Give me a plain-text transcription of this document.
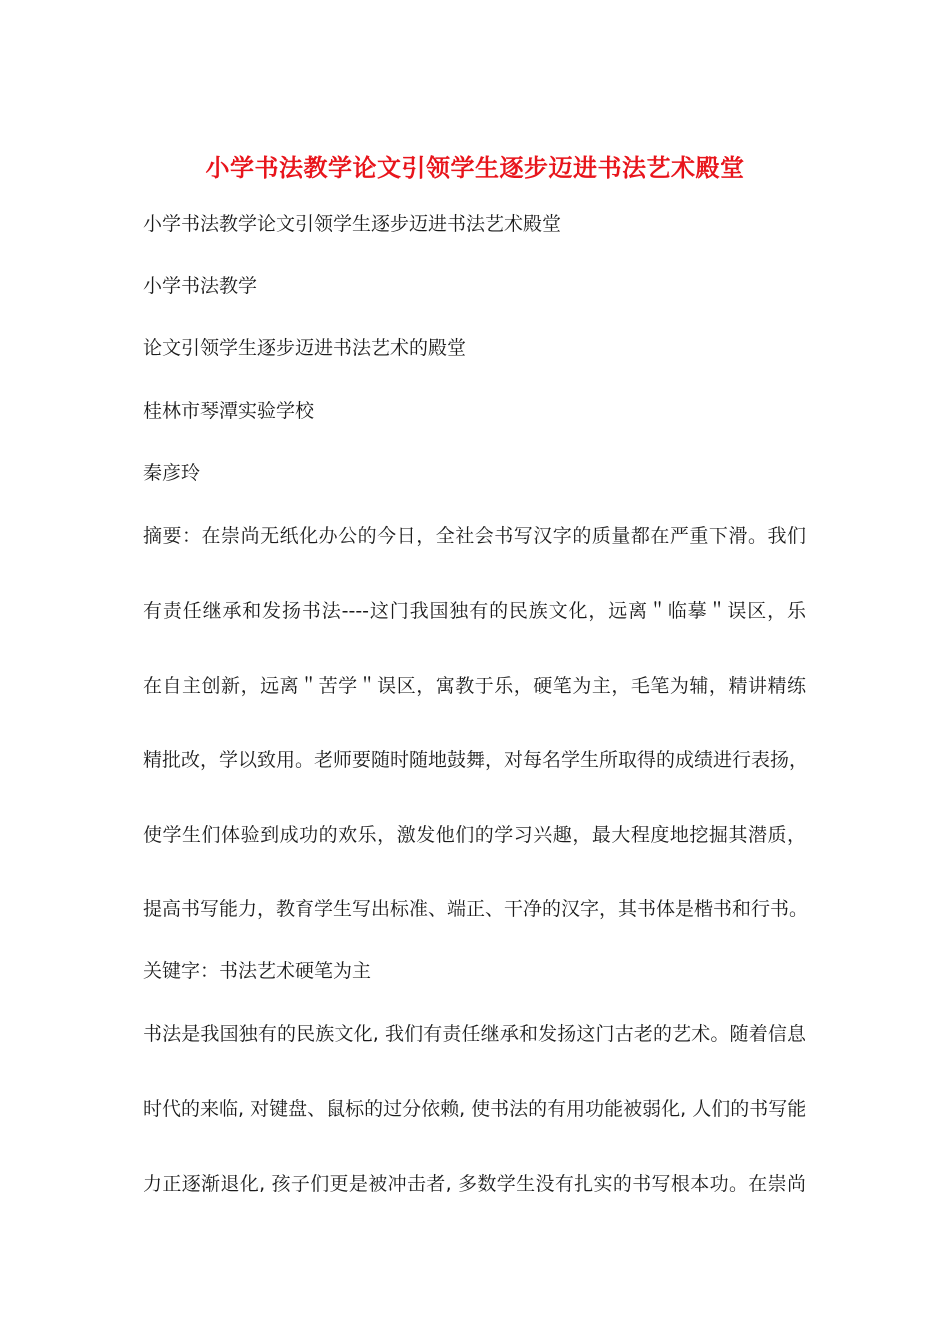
小学书法教学论文引领学生逐步迈进书法艺术殿堂
小学书法教学论文引领学生逐步迈进书法艺术殿堂
小学书法教学
论文引领学生逐步迈进书法艺术的殿堂
桂林市琴潭实验学校
秦彦玲
摘要：在崇尚无纸化办公的今日，全社会书写汉字的质量都在严重下滑。我们
有责任继承和发扬书法----这门我国独有的民族文化，远离＂临摹＂误区，乐
在自主创新，远离＂苦学＂误区，寓教于乐，硬笔为主，毛笔为辅，精讲精练
精批改，学以致用。老师要随时随地鼓舞，对每名学生所取得的成绩进行表扬，
使学生们体验到成功的欢乐，激发他们的学习兴趣，最大程度地挖掘其潜质，
提高书写能力，教育学生写出标准、端正、干净的汉字，其书体是楷书和行书。
关键字：书法艺术硬笔为主
书法是我国独有的民族文化, 我们有责任继承和发扬这门古老的艺术。随着信息
时代的来临, 对键盘、鼠标的过分依赖, 使书法的有用功能被弱化, 人们的书写能
力正逐渐退化, 孩子们更是被冲击者, 多数学生没有扎实的书写根本功。在崇尚
